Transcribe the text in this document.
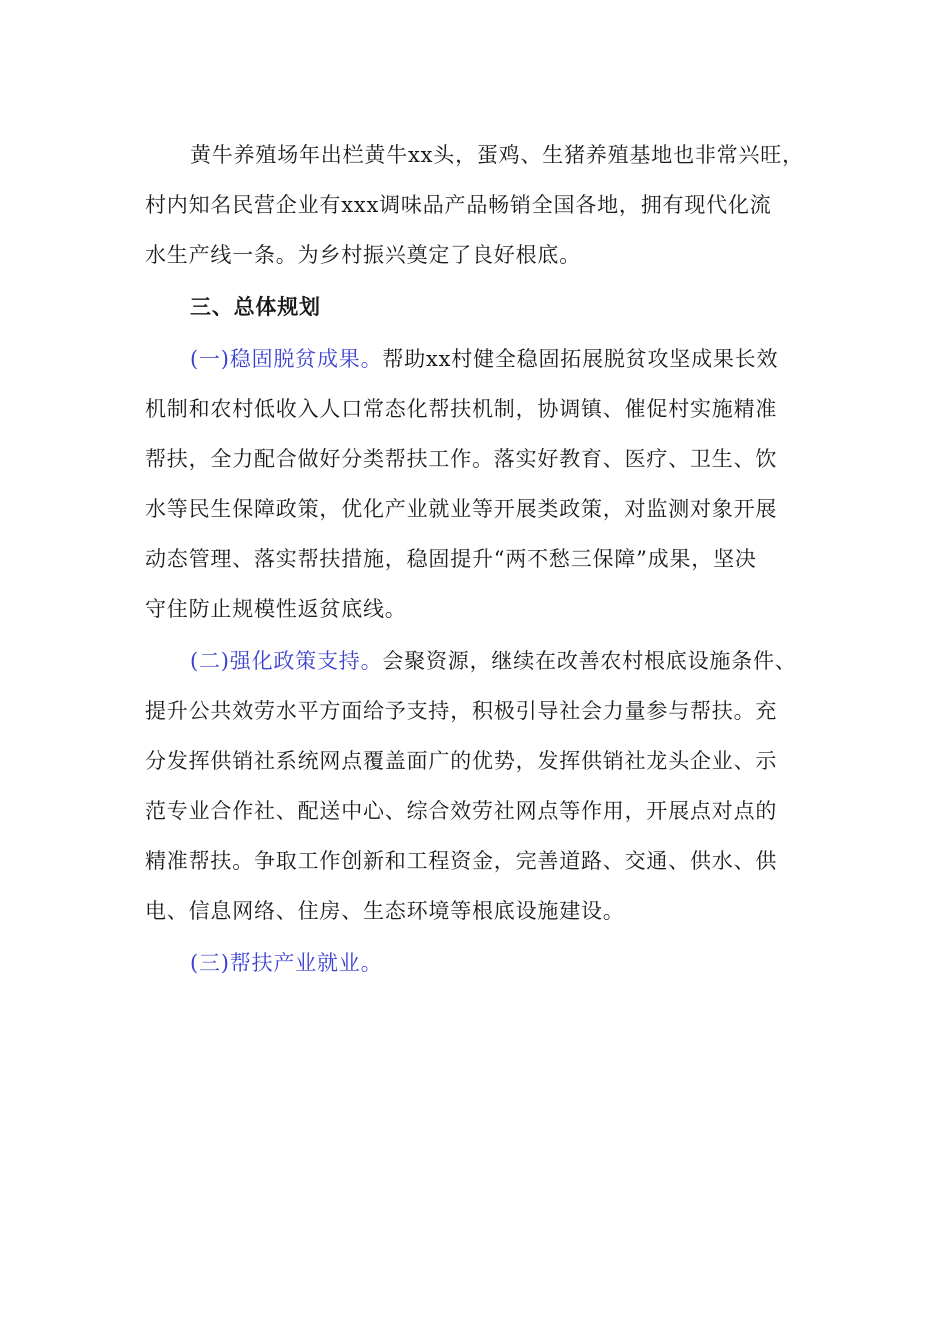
黄牛养殖场年出栏黄牛xx头，蛋鸡、生猪养殖基地也非常兴旺，
村内知名民营企业有xxx调味品产品畅销全国各地，拥有现代化流
水生产线一条。为乡村振兴奠定了良好根底。
三、总体规划
(一)稳固脱贫成果。帮助xx村健全稳固拓展脱贫攻坚成果长效
机制和农村低收入人口常态化帮扶机制，协调镇、催促村实施精准
帮扶，全力配合做好分类帮扶工作。落实好教育、医疗、卫生、饮
水等民生保障政策，优化产业就业等开展类政策，对监测对象开展
动态管理、落实帮扶措施，稳固提升“两不愁三保障”成果，坚决
守住防止规模性返贫底线。
(二)强化政策支持。会聚资源，继续在改善农村根底设施条件、
提升公共效劳水平方面给予支持，积极引导社会力量参与帮扶。充
分发挥供销社系统网点覆盖面广的优势，发挥供销社龙头企业、示
范专业合作社、配送中心、综合效劳社网点等作用，开展点对点的
精准帮扶。争取工作创新和工程资金，完善道路、交通、供水、供
电、信息网络、住房、生态环境等根底设施建设。
(三)帮扶产业就业。
